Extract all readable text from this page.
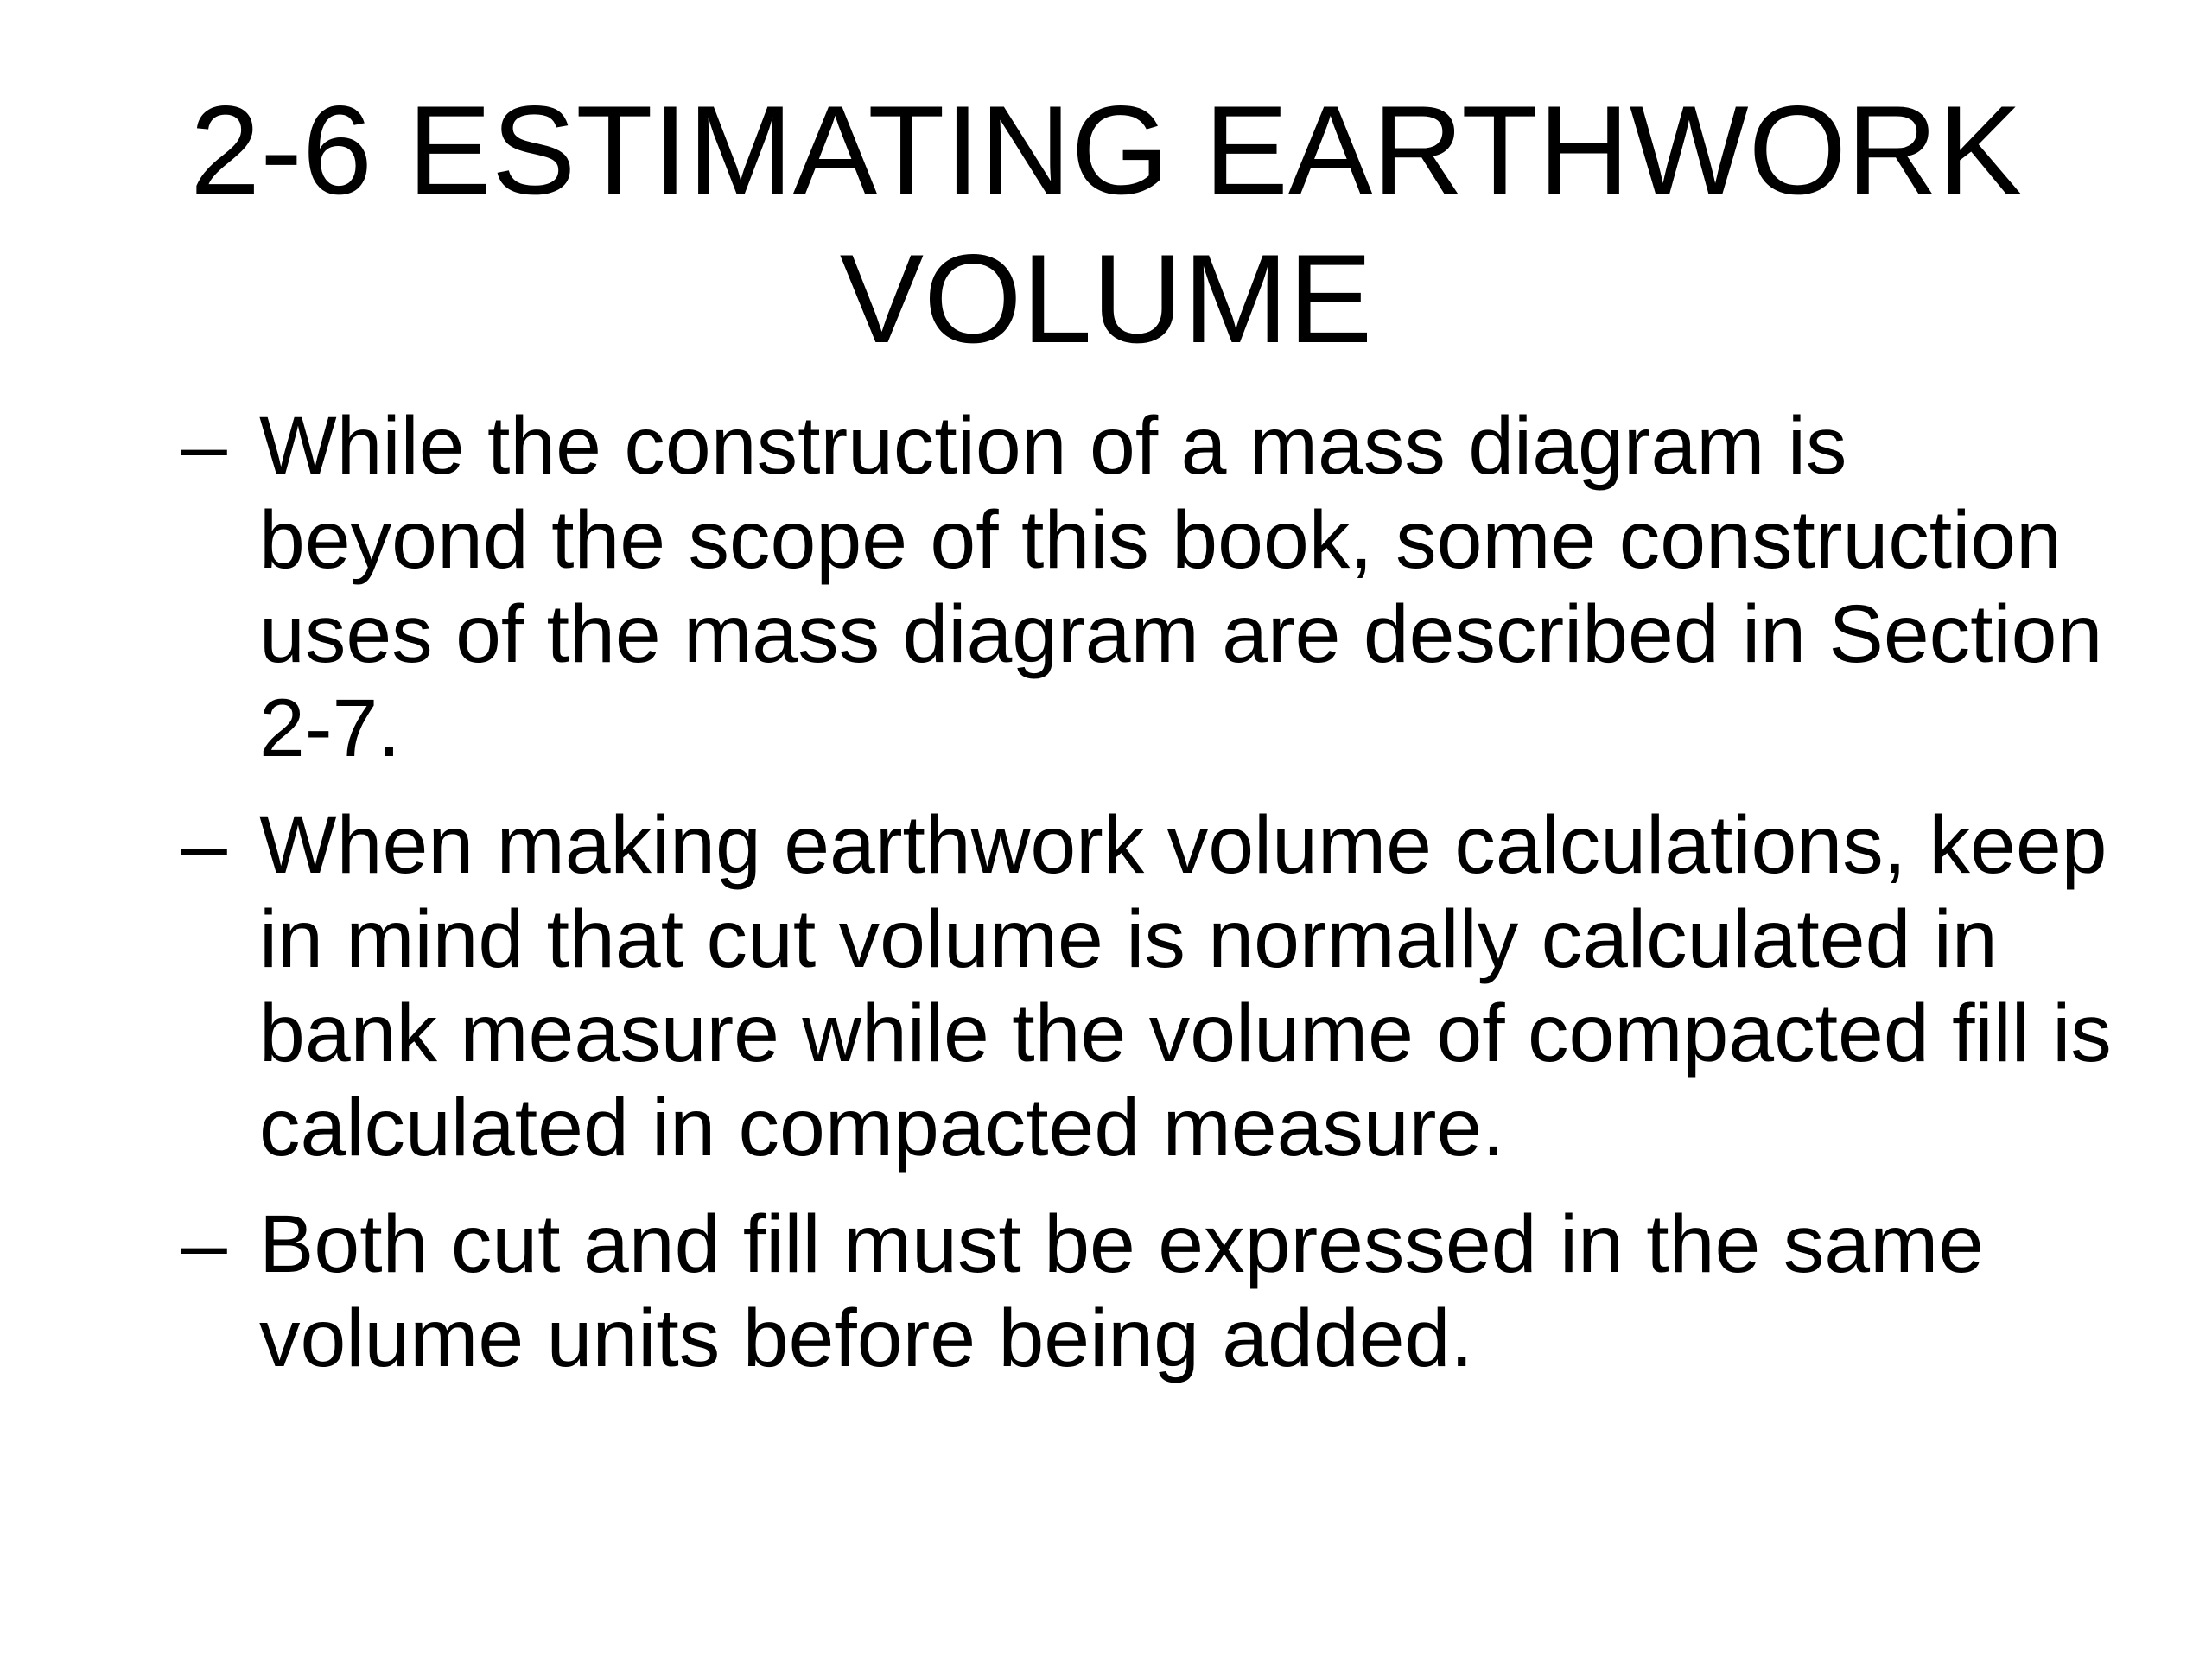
2-6 ESTIMATING EARTHWORK
VOLUME
– While the construction of a mass diagram is beyond the scope of this book, some construction uses of the mass diagram are described in Section 2-7.
– When making earthwork volume calculations, keep in mind that cut volume is normally calculated in bank measure while the volume of compacted fill is calculated in compacted measure.
– Both cut and fill must be expressed in the same volume units before being added.
